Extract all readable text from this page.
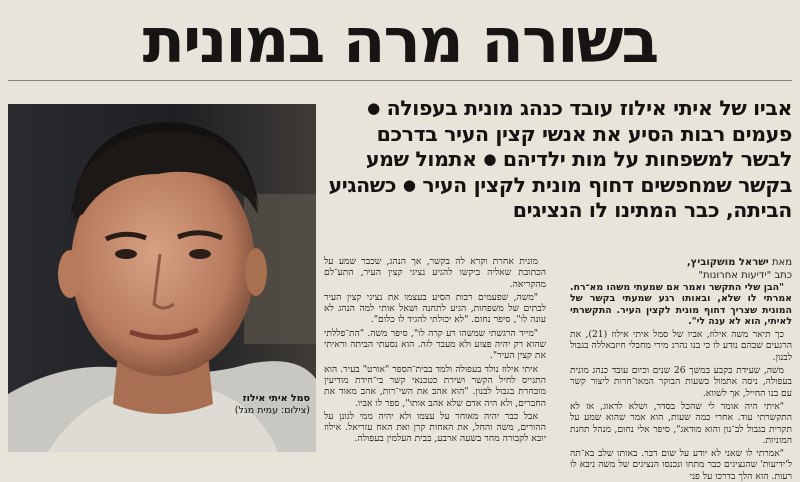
בשורה מרה במונית
סמל איתי אילוז
(צילום: עמית מגל)
אביו של איתי אילוז עובד כנהג מונית בעפולה ● פעמים רבות הסיע את אנשי קצין העיר בדרכם לבשר למשפחות על מות ילדיהם ● אתמול שמע בקשר שמחפשים דחוף מונית לקצין העיר ● כשהגיע הביתה, כבר המתינו לו הנציגים
מאת ישראל מושקוביץ,
כתב "ידיעות אחרונות"

"הבן שלי התקשר ואמר אם שמעתי משהו מא־רח. אמרתי לו שלא, ובאותו רגע שמעתי בקשר של המונית שצריך דחוף מונית לקצין העיר. התקשרתי לאיתי, הוא לא ענה לי".

כך תיאר משה אילוז, אביו של סמל איתי אילוז (21), את הרגעים שבהם נודע לו כי בנו נהרג מירי מחבלי חיזבאללה בגבול לבנון.

משה, שעידת בקבע במשך 26 שנים וכיום עובד כנהג מונית בעפולה, ניסה אתמול בשעות הבוקר המאו־חרות ליצור קשר עם בנו החייל, אך לשווא.

"איתי היה אומר לי שהכל בסדר, ושלא לדאוג, אז לא התקשרתי עוד. אחרי כמה שעות, הוא אמר שהוא שמע על תקרית בגבול לב־נון והוא מודאג", סיפר אלי נחום, מנהל תחנת המוניות.

"אמרתי לו שאני לא יודע על שום דבר. באותו שלב בא־תה ל'ידיעות' שהנציגים כבר מתחו ונכנסו הנציגים של משה ניבא לו רעות. הוא הלך בדרכו על פני

מונית אחרת וקרא לה בקשר, אך הנהג, שכבר שמע על הכתובת שאליה ביקשו להגיע נציגי קצין העיר, התע־לם מהקריאה.

"משה, שפעמים רבות הסיע בעצמו את נציגי קצין העיר לבתים של משפחות, הגיע לתחנה ושאל אותי למה הנהג לא עונה לו", סיפר נחום. "לא יכולתי להגיד לו כלום".

"מייד הרגשתי שמשהו רע קרה לו", סיפר משה. "הת־פללתי שהוא רק יהיה פצוע ולא מעבר לזה. הוא נסעתי הביתה וראיתי את קצין העיר".

איתי אילוז נולד בעפולה ולמד בבית־הספר "אורט" בעיר. הוא התגייס לחיל הקשר ושירת כטכנאי קשר בי־חידת מודיעין מובחרת בגבול לבנון. "הוא אהב את השי־רות, אהב מאוד את החברים, ולא היה אדם שלא אהב אותו", ספר לו אביו.

אבל כבר יהיה מאוחר על עצמו ולא יהיה ממי לגונן על ההורים, משה והחל, את האחות קרן ואת האח עזריאל. אילוז יובא לקבורה מחר בשעה ארבע, בבית העלמין בעפולה.
